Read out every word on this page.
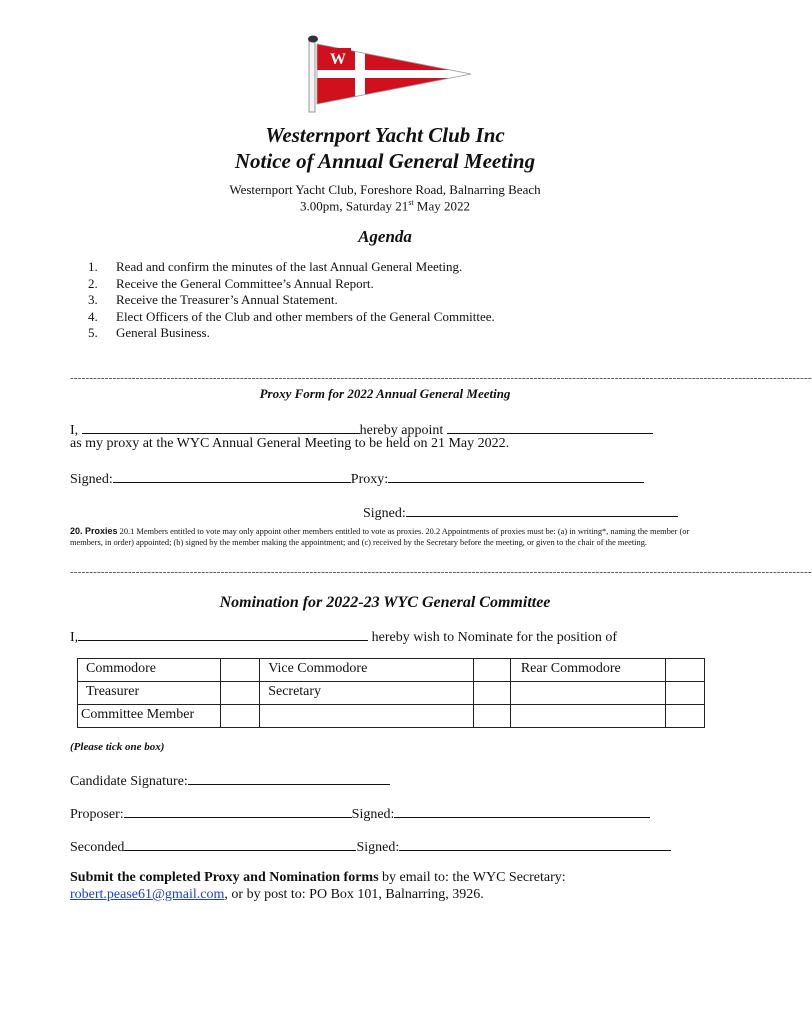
W
Westernport Yacht Club Inc
Notice of Annual General Meeting
Westernport Yacht Club, Foreshore Road, Balnarring Beach
3.00pm, Saturday 21st May 2022
Agenda
1.	Read and confirm the minutes of the last Annual General Meeting.
2.	Receive the General Committee’s Annual Report.
3.	Receive the Treasurer’s Annual Statement.
4.	Elect Officers of the Club and other members of the General Committee.
5.	General Business.
------------------------------------------------------------------------------------------------------------------------------------------------------------------------------------------------
Proxy Form for 2022 Annual General Meeting
I,	hereby appoint
as my proxy at the WYC Annual General Meeting to be held on 21 May 2022.
Signed:	Proxy:
Signed:
20. Proxies 20.1 Members entitled to vote may only appoint other members entitled to vote as proxies. 20.2 Appointments of proxies must be: (a) in writing*, naming the member (or members, in order) appointed; (b) signed by the member making the appointment; and (c) received by the Secretary before the meeting, or given to the chair of the meeting.
------------------------------------------------------------------------------------------------------------------------------------------------------------------------------------------------
Nomination for 2022-23 WYC General Committee
I,	hereby wish to Nominate for the position of
Commodore		Vice Commodore		Rear Commodore	
Treasurer		Secretary			
Committee Member					
(Please tick one box)
Candidate Signature:
Proposer:	Signed:
Seconded	Signed:
Submit the completed Proxy and Nomination forms by email to: the WYC Secretary:
robert.pease61@gmail.com, or by post to: PO Box 101, Balnarring, 3926.
